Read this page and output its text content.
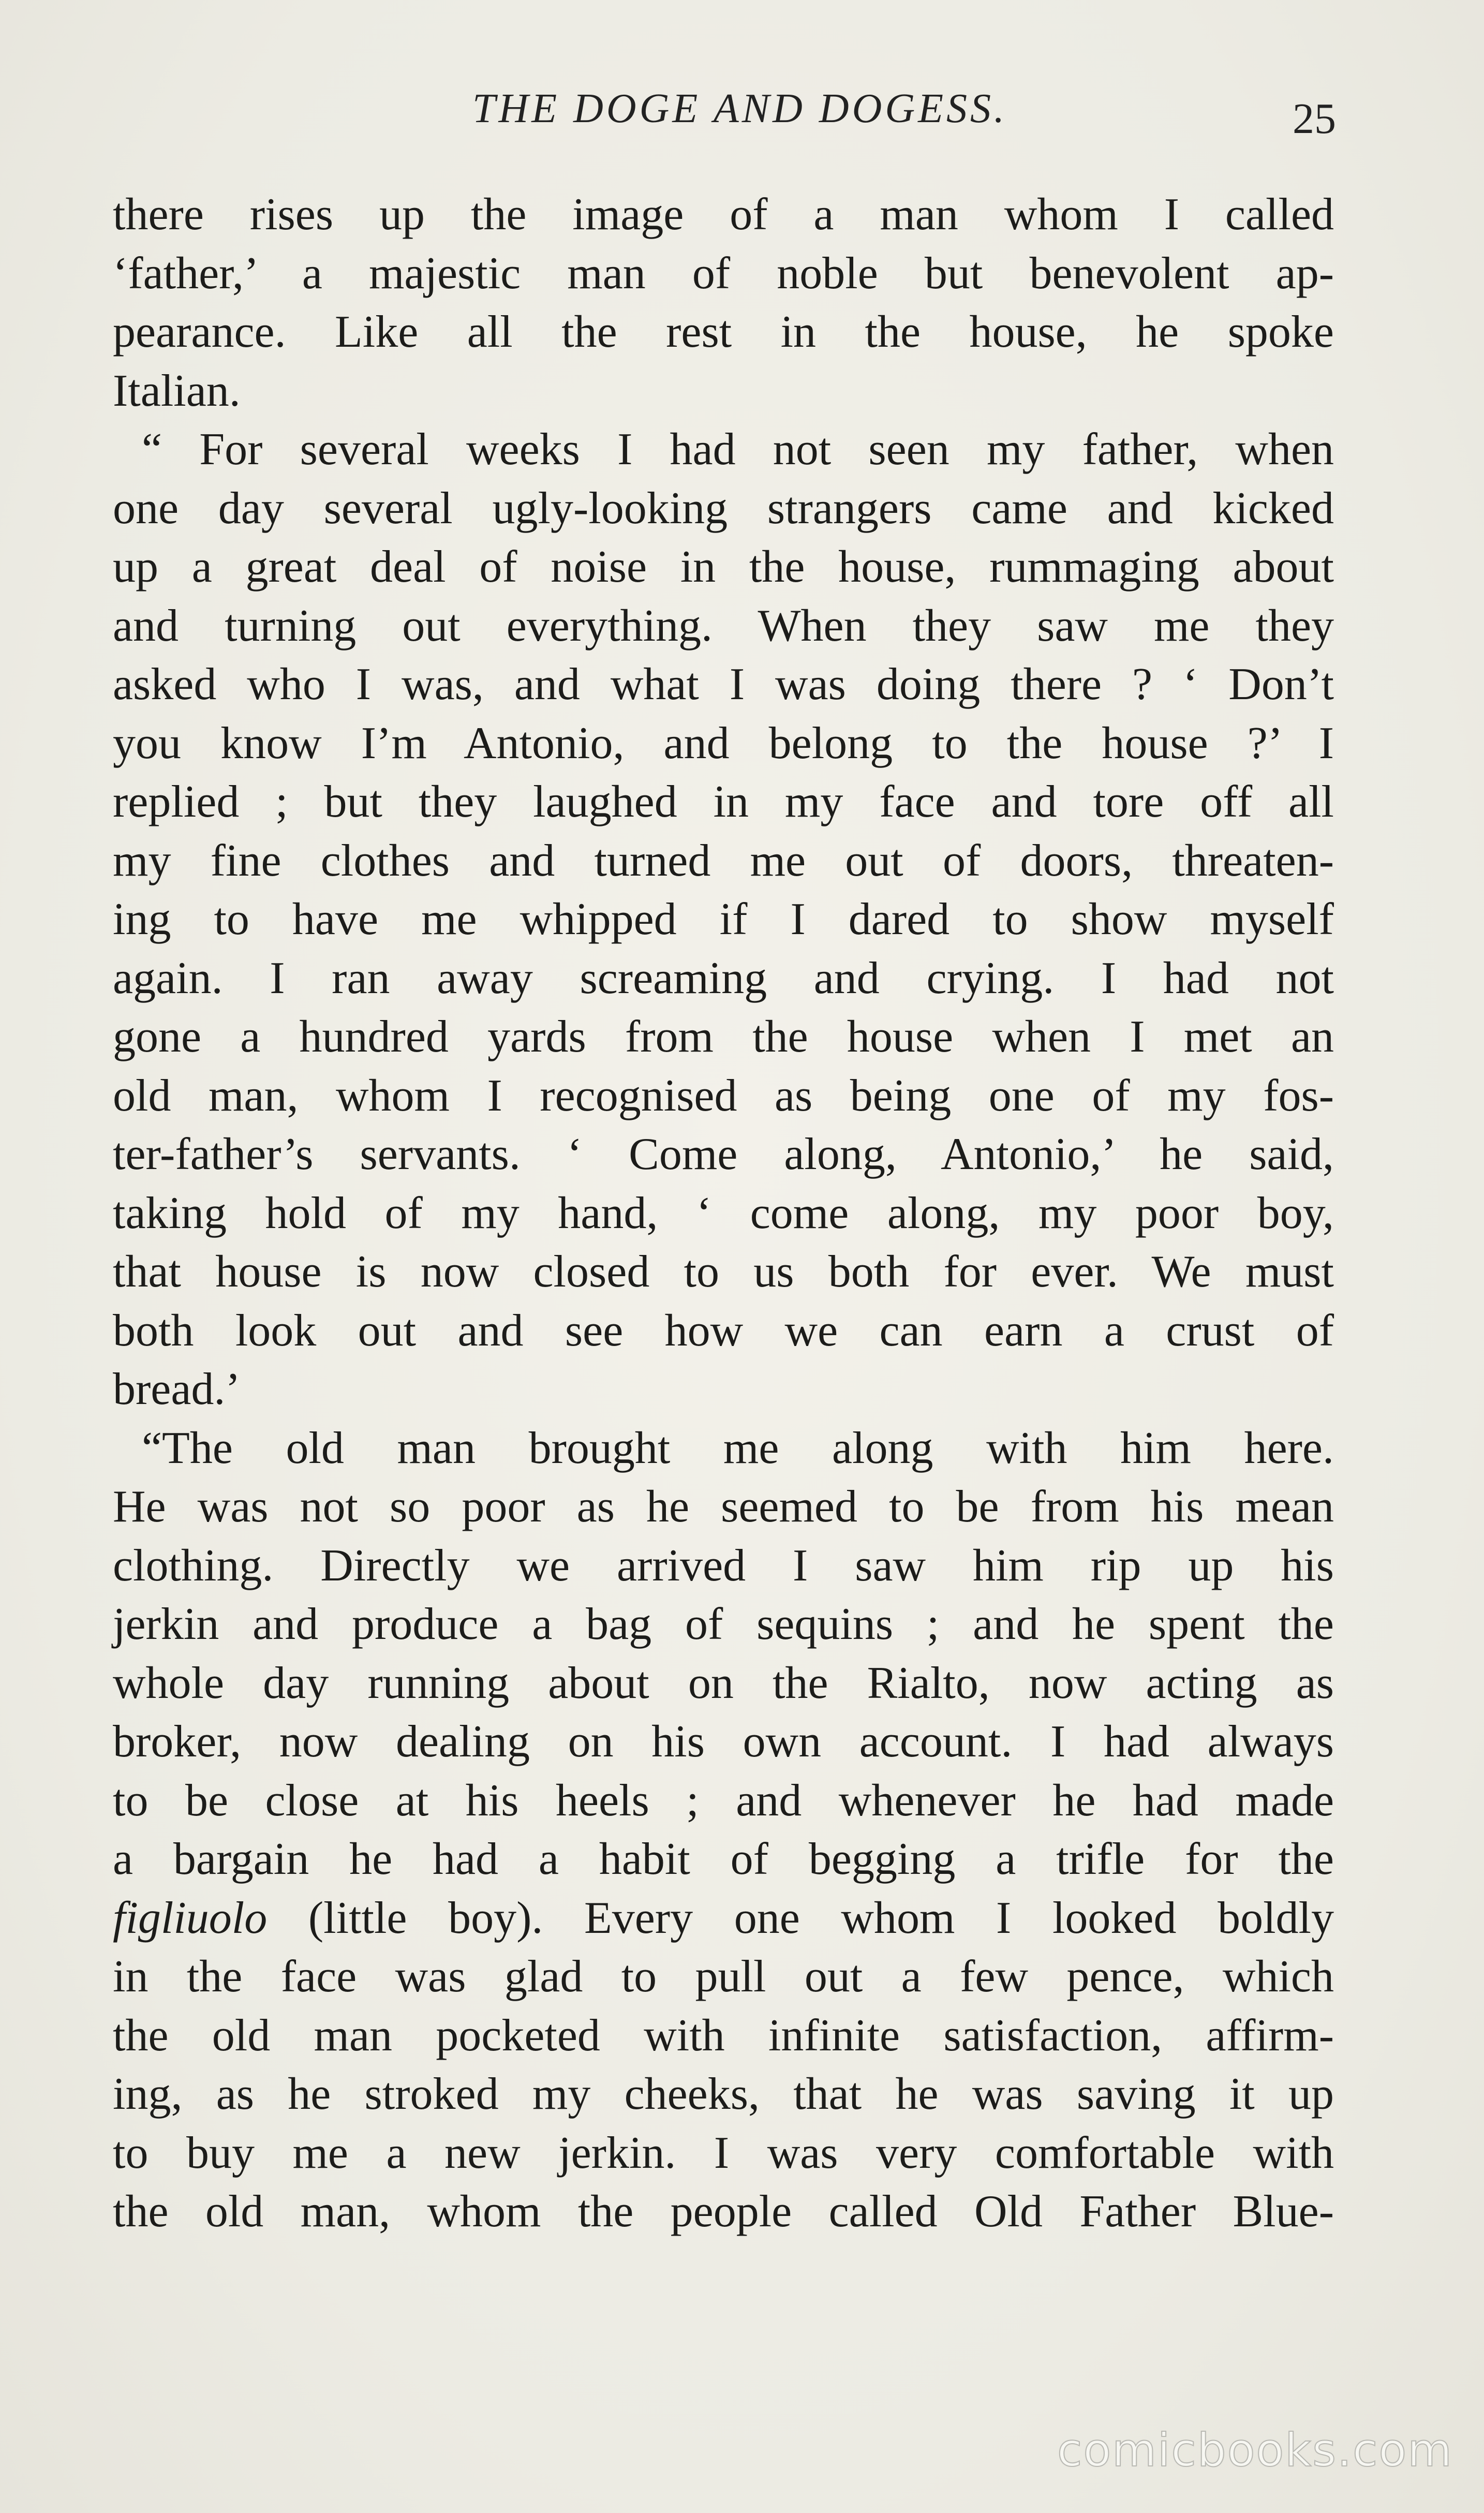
THE DOGE AND DOGESS.	25
there rises up the image of a man whom I called
‘father,’ a majestic man of noble but benevolent ap-
pearance. Like all the rest in the house, he spoke
Italian.
“ For several weeks I had not seen my father, when
one day several ugly-looking strangers came and kicked
up a great deal of noise in the house, rummaging about
and turning out everything. When they saw me they
asked who I was, and what I was doing there ? ‘ Don’t
you know I’m Antonio, and belong to the house ?’ I
replied ; but they laughed in my face and tore off all
my fine clothes and turned me out of doors, threaten-
ing to have me whipped if I dared to show myself
again. I ran away screaming and crying. I had not
gone a hundred yards from the house when I met an
old man, whom I recognised as being one of my fos-
ter-father’s servants. ‘ Come along, Antonio,’ he said,
taking hold of my hand, ‘ come along, my poor boy,
that house is now closed to us both for ever. We must
both look out and see how we can earn a crust of
bread.’
“The old man brought me along with him here.
He was not so poor as he seemed to be from his mean
clothing. Directly we arrived I saw him rip up his
jerkin and produce a bag of sequins ; and he spent the
whole day running about on the Rialto, now acting as
broker, now dealing on his own account. I had always
to be close at his heels ; and whenever he had made
a bargain he had a habit of begging a trifle for the
figliuolo (little boy). Every one whom I looked boldly
in the face was glad to pull out a few pence, which
the old man pocketed with infinite satisfaction, affirm-
ing, as he stroked my cheeks, that he was saving it up
to buy me a new jerkin. I was very comfortable with
the old man, whom the people called Old Father Blue-
comicbooks.com
